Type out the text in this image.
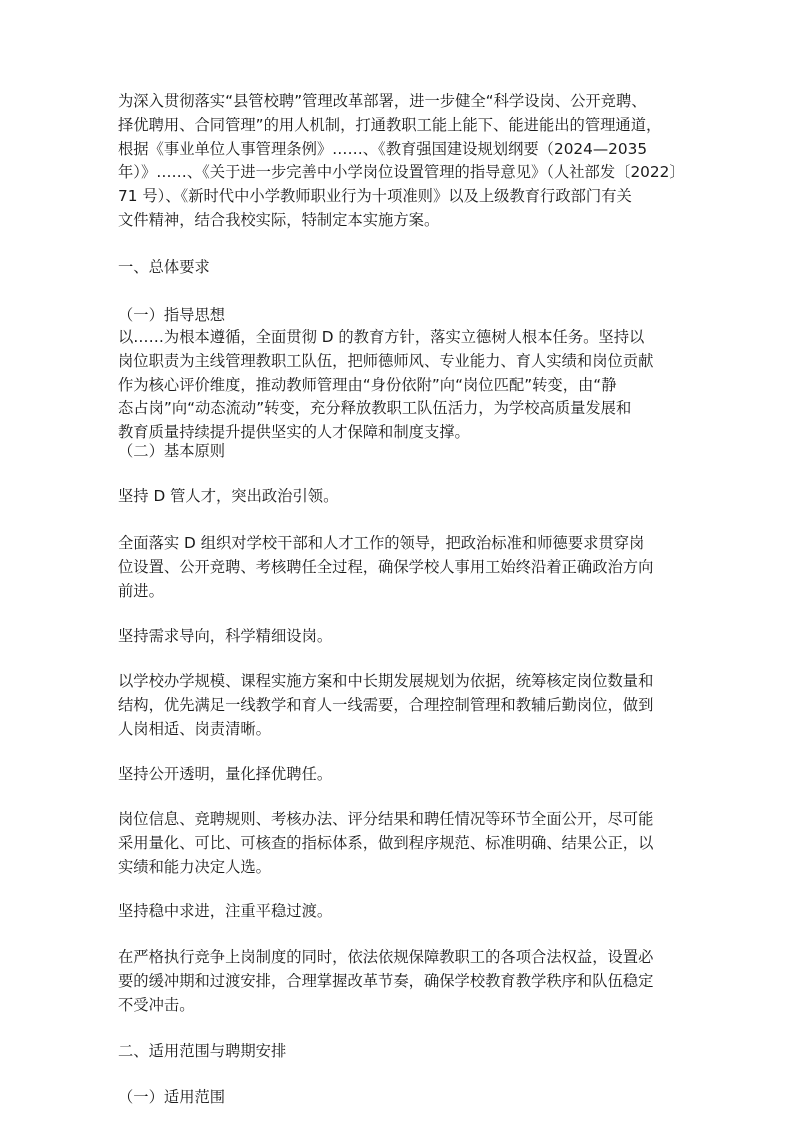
为深入贯彻落实“县管校聘”管理改革部署，进一步健全“科学设岗、公开竞聘、
择优聘用、合同管理”的用人机制，打通教职工能上能下、能进能出的管理通道，
根据《事业单位人事管理条例》……、《教育强国建设规划纲要（2024—2035
年）》……、《关于进一步完善中小学岗位设置管理的指导意见》（人社部发〔2022〕
71 号）、《新时代中小学教师职业行为十项准则》以及上级教育行政部门有关
文件精神，结合我校实际，特制定本实施方案。
一、总体要求
（一）指导思想
以……为根本遵循，全面贯彻 D 的教育方针，落实立德树人根本任务。坚持以
岗位职责为主线管理教职工队伍，把师德师风、专业能力、育人实绩和岗位贡献
作为核心评价维度，推动教师管理由“身份依附”向“岗位匹配”转变，由“静
态占岗”向“动态流动”转变，充分释放教职工队伍活力，为学校高质量发展和
教育质量持续提升提供坚实的人才保障和制度支撑。
（二）基本原则
坚持 D 管人才，突出政治引领。
全面落实 D 组织对学校干部和人才工作的领导，把政治标准和师德要求贯穿岗
位设置、公开竞聘、考核聘任全过程，确保学校人事用工始终沿着正确政治方向
前进。
坚持需求导向，科学精细设岗。
以学校办学规模、课程实施方案和中长期发展规划为依据，统筹核定岗位数量和
结构，优先满足一线教学和育人一线需要，合理控制管理和教辅后勤岗位，做到
人岗相适、岗责清晰。
坚持公开透明，量化择优聘任。
岗位信息、竞聘规则、考核办法、评分结果和聘任情况等环节全面公开，尽可能
采用量化、可比、可核查的指标体系，做到程序规范、标准明确、结果公正，以
实绩和能力决定人选。
坚持稳中求进，注重平稳过渡。
在严格执行竞争上岗制度的同时，依法依规保障教职工的各项合法权益，设置必
要的缓冲期和过渡安排，合理掌握改革节奏，确保学校教育教学秩序和队伍稳定
不受冲击。
二、适用范围与聘期安排
（一）适用范围
